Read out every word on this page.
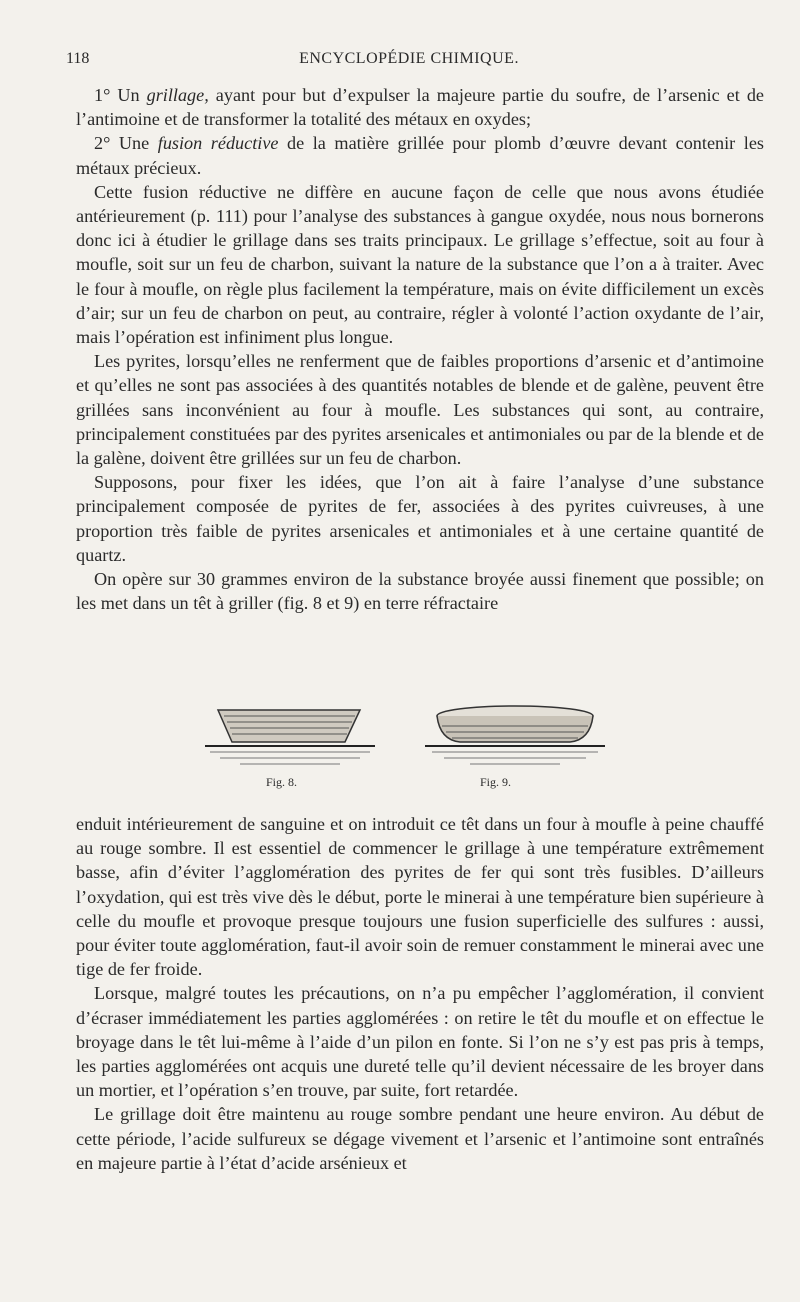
118	ENCYCLOPÉDIE CHIMIQUE.

1° Un grillage, ayant pour but d’expulser la majeure partie du soufre, de l’arsenic et de l’antimoine et de transformer la totalité des métaux en oxydes;

2° Une fusion réductive de la matière grillée pour plomb d’œuvre devant contenir les métaux précieux.

Cette fusion réductive ne diffère en aucune façon de celle que nous avons étudiée antérieurement (p. 111) pour l’analyse des substances à gangue oxydée, nous nous bornerons donc ici à étudier le grillage dans ses traits principaux. Le grillage s’effectue, soit au four à moufle, soit sur un feu de charbon, suivant la nature de la substance que l’on a à traiter. Avec le four à moufle, on règle plus facilement la température, mais on évite difficilement un excès d’air; sur un feu de charbon on peut, au contraire, régler à volonté l’action oxydante de l’air, mais l’opération est infiniment plus longue.

Les pyrites, lorsqu’elles ne renferment que de faibles proportions d’arsenic et d’antimoine et qu’elles ne sont pas associées à des quantités notables de blende et de galène, peuvent être grillées sans inconvénient au four à moufle. Les substances qui sont, au contraire, principalement constituées par des pyrites arsenicales et antimoniales ou par de la blende et de la galène, doivent être grillées sur un feu de charbon.

Supposons, pour fixer les idées, que l’on ait à faire l’analyse d’une substance principalement composée de pyrites de fer, associées à des pyrites cuivreuses, à une proportion très faible de pyrites arsenicales et antimoniales et à une certaine quantité de quartz.

On opère sur 30 grammes environ de la substance broyée aussi finement que possible; on les met dans un têt à griller (fig. 8 et 9) en terre réfractaire

Fig. 8.	Fig. 9.

enduit intérieurement de sanguine et on introduit ce têt dans un four à moufle à peine chauffé au rouge sombre. Il est essentiel de commencer le grillage à une température extrêmement basse, afin d’éviter l’agglomération des pyrites de fer qui sont très fusibles. D’ailleurs l’oxydation, qui est très vive dès le début, porte le minerai à une température bien supérieure à celle du moufle et provoque presque toujours une fusion superficielle des sulfures : aussi, pour éviter toute agglomération, faut-il avoir soin de remuer constamment le minerai avec une tige de fer froide.

Lorsque, malgré toutes les précautions, on n’a pu empêcher l’agglomération, il convient d’écraser immédiatement les parties agglomérées : on retire le têt du moufle et on effectue le broyage dans le têt lui-même à l’aide d’un pilon en fonte. Si l’on ne s’y est pas pris à temps, les parties agglomérées ont acquis une dureté telle qu’il devient nécessaire de les broyer dans un mortier, et l’opération s’en trouve, par suite, fort retardée.

Le grillage doit être maintenu au rouge sombre pendant une heure environ. Au début de cette période, l’acide sulfureux se dégage vivement et l’arsenic et l’antimoine sont entraînés en majeure partie à l’état d’acide arsénieux et
